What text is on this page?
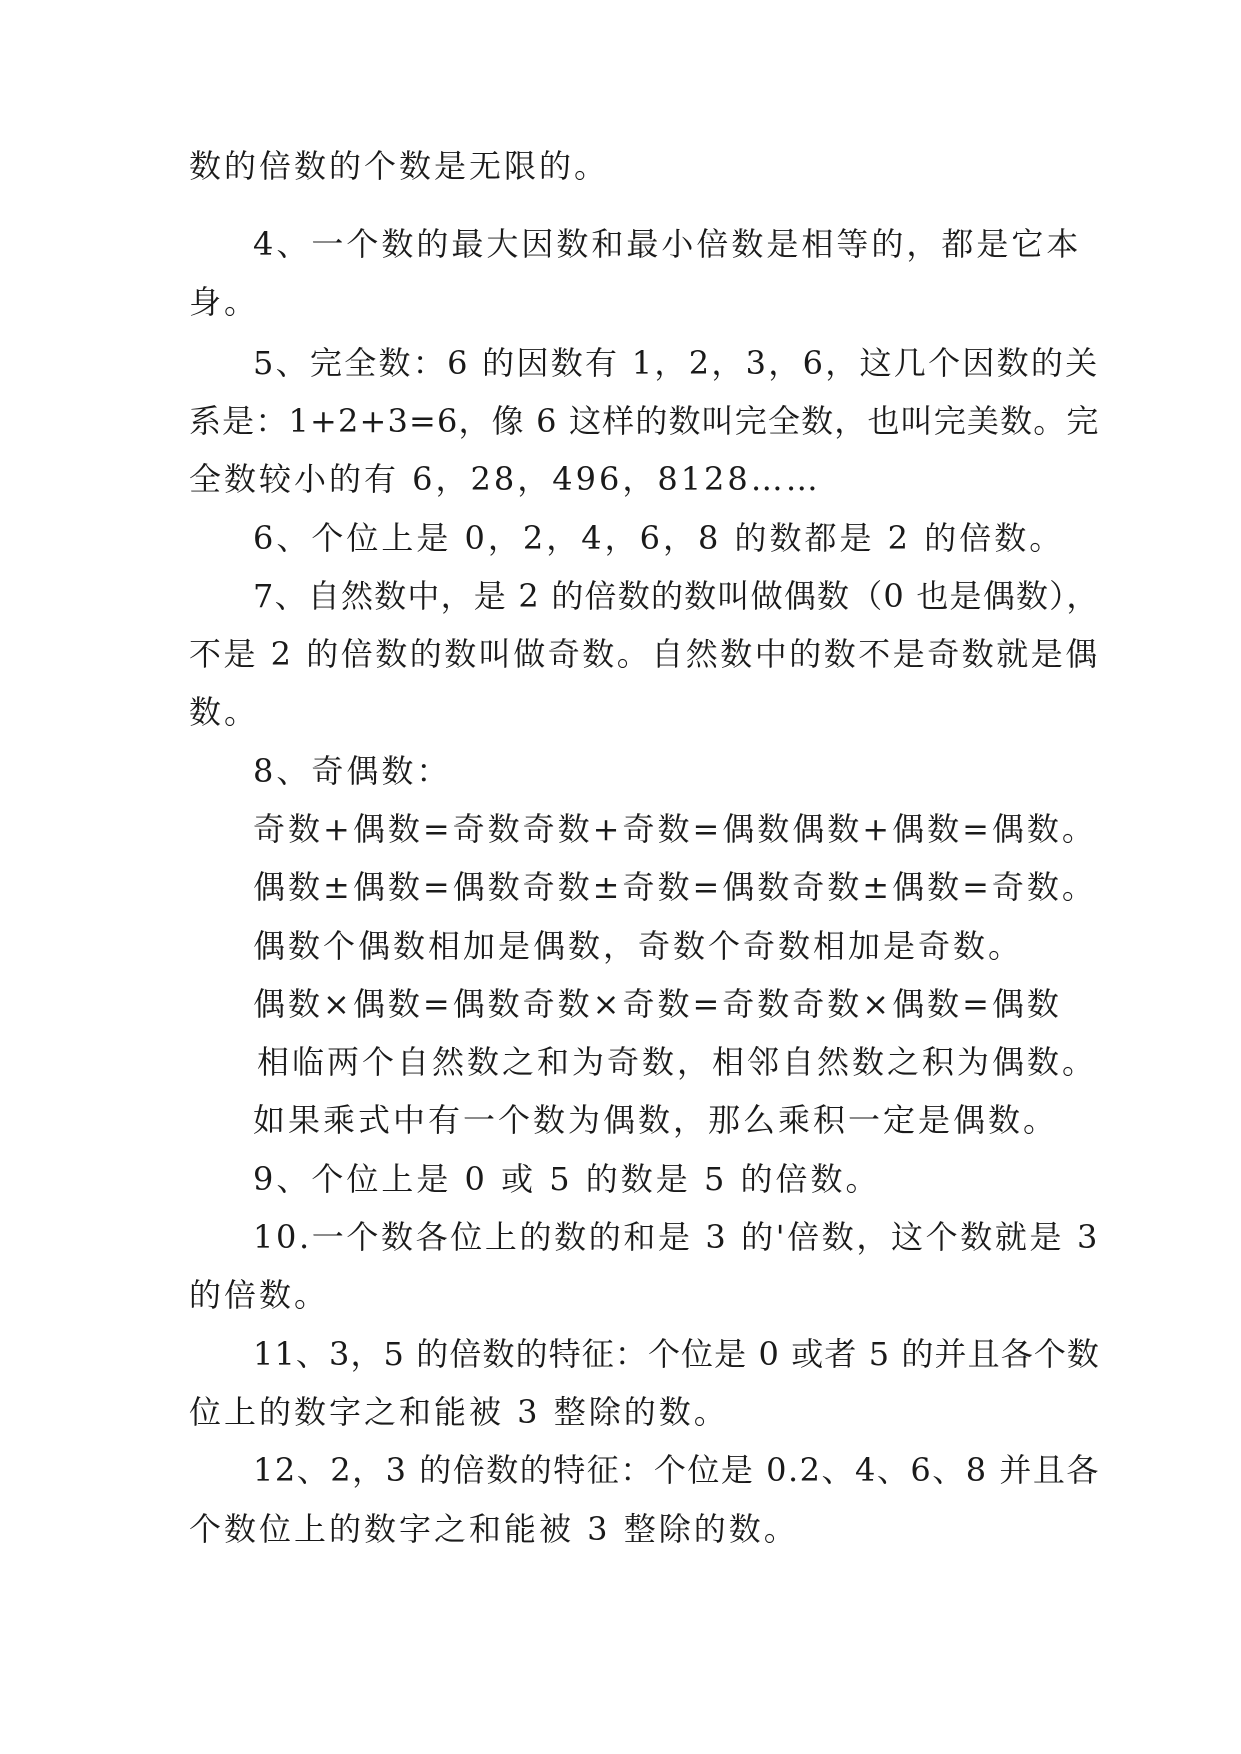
数的倍数的个数是无限的。
4、一个数的最大因数和最小倍数是相等的，都是它本
身。
5、完全数：6 的因数有 1，2，3，6，这几个因数的关
系是：1+2+3=6，像 6 这样的数叫完全数，也叫完美数。完
全数较小的有 6，28，496，8128……
6、个位上是 0，2，4，6，8 的数都是 2 的倍数。
7、自然数中，是 2 的倍数的数叫做偶数（0 也是偶数），
不是 2 的倍数的数叫做奇数。自然数中的数不是奇数就是偶
数。
8、奇偶数：
奇数+偶数=奇数奇数+奇数=偶数偶数+偶数=偶数。
偶数±偶数=偶数奇数±奇数=偶数奇数±偶数=奇数。
偶数个偶数相加是偶数，奇数个奇数相加是奇数。
偶数×偶数=偶数奇数×奇数=奇数奇数×偶数=偶数
相临两个自然数之和为奇数，相邻自然数之积为偶数。
如果乘式中有一个数为偶数，那么乘积一定是偶数。
9、个位上是 0 或 5 的数是 5 的倍数。
10.一个数各位上的数的和是 3 的'倍数，这个数就是 3
的倍数。
11、3，5 的倍数的特征：个位是 0 或者 5 的并且各个数
位上的数字之和能被 3 整除的数。
12、2，3 的倍数的特征：个位是 0.2、4、6、8 并且各
个数位上的数字之和能被 3 整除的数。
